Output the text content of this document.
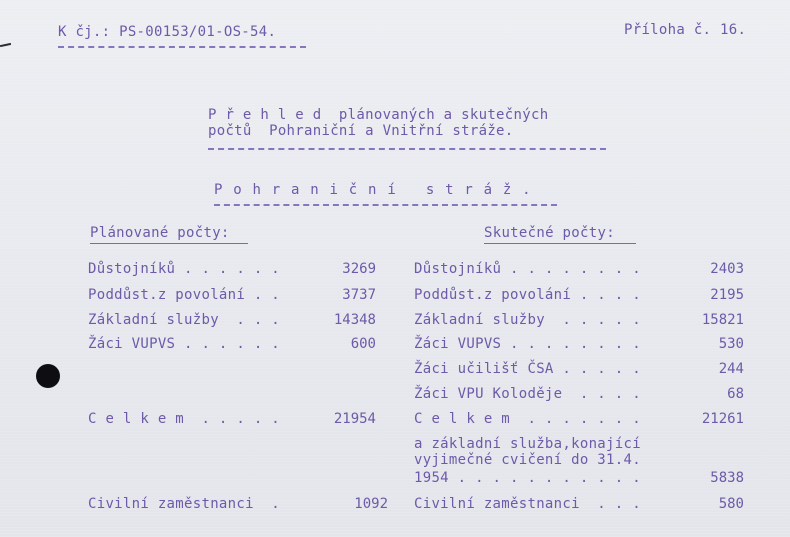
K čj.: PS-00153/01-OS-54.	Příloha č. 16.
P ř e h l e d  plánovaných a skutečných
počtů  Pohraniční a Vnitřní stráže.
P o h r a n i č n í   s t r á ž .
Plánované počty:
Důstojníků . . . . . .	3269
Poddůst.z povolání . .	3737
Základní služby  . . .	14348
Žáci VUPVS . . . . . .	600
C e l k e m  . . . . .	21954
Civilní zaměstnanci  .	1092
Skutečné počty:
Důstojníků . . . . . . . .	2403
Poddůst.z povolání . . . .	2195
Základní služby  . . . . .	15821
Žáci VUPVS . . . . . . . .	530
Žáci učilišť ČSA . . . . .	244
Žáci VPU Koloděje  . . . .	68
C e l k e m  . . . . . . .	21261
a základní služba,konající
vyjimečné cvičení do 31.4.
1954 . . . . . . . . . . .	5838
Civilní zaměstnanci  . . .	580
